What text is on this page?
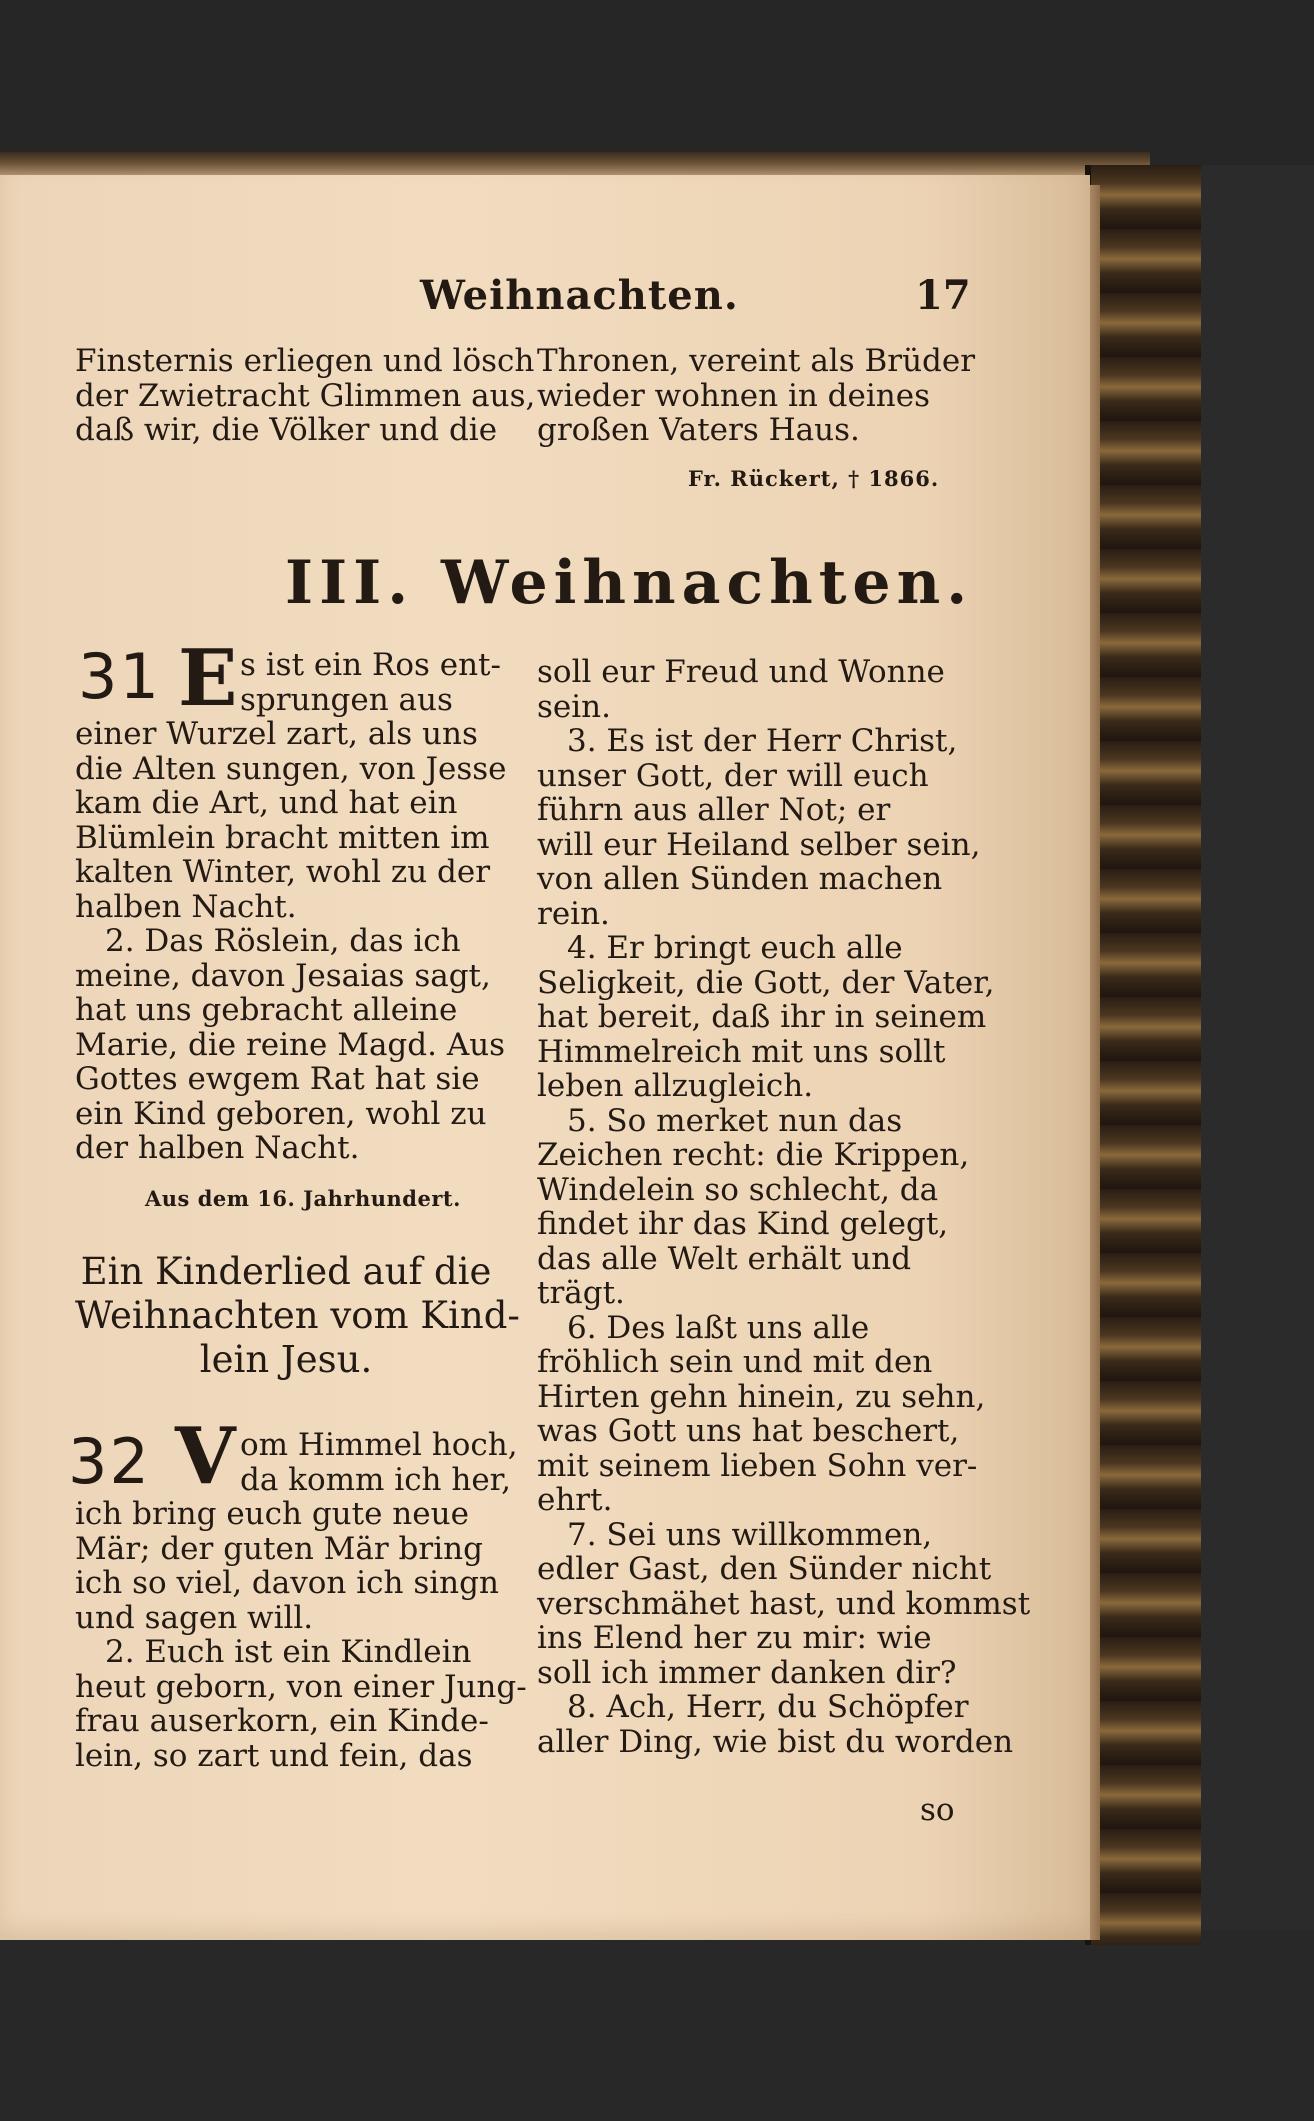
Weihnachten.	17
Finsternis erliegen und lösch
der Zwietracht Glimmen aus,
daß wir, die Völker und die
Thronen, vereint als Brüder
wieder wohnen in deines
großen Vaters Haus.
Fr. Rückert, † 1866.
III. Weihnachten.
31 E s ist ein Ros ent-
sprungen aus
einer Wurzel zart, als uns
die Alten sungen, von Jesse
kam die Art, und hat ein
Blümlein bracht mitten im
kalten Winter, wohl zu der
halben Nacht.
2. Das Röslein, das ich
meine, davon Jesaias sagt,
hat uns gebracht alleine
Marie, die reine Magd. Aus
Gottes ewgem Rat hat sie
ein Kind geboren, wohl zu
der halben Nacht.
Aus dem 16. Jahrhundert.
Ein Kinderlied auf die
Weihnachten vom Kind-
lein Jesu.
32 V om Himmel hoch,
da komm ich her,
ich bring euch gute neue
Mär; der guten Mär bring
ich so viel, davon ich singn
und sagen will.
2. Euch ist ein Kindlein
heut geborn, von einer Jung-
frau auserkorn, ein Kinde-
lein, so zart und fein, das
soll eur Freud und Wonne
sein.
3. Es ist der Herr Christ,
unser Gott, der will euch
führn aus aller Not; er
will eur Heiland selber sein,
von allen Sünden machen
rein.
4. Er bringt euch alle
Seligkeit, die Gott, der Vater,
hat bereit, daß ihr in seinem
Himmelreich mit uns sollt
leben allzugleich.
5. So merket nun das
Zeichen recht: die Krippen,
Windelein so schlecht, da
findet ihr das Kind gelegt,
das alle Welt erhält und
trägt.
6. Des laßt uns alle
fröhlich sein und mit den
Hirten gehn hinein, zu sehn,
was Gott uns hat beschert,
mit seinem lieben Sohn ver-
ehrt.
7. Sei uns willkommen,
edler Gast, den Sünder nicht
verschmähet hast, und kommst
ins Elend her zu mir: wie
soll ich immer danken dir?
8. Ach, Herr, du Schöpfer
aller Ding, wie bist du worden
so
